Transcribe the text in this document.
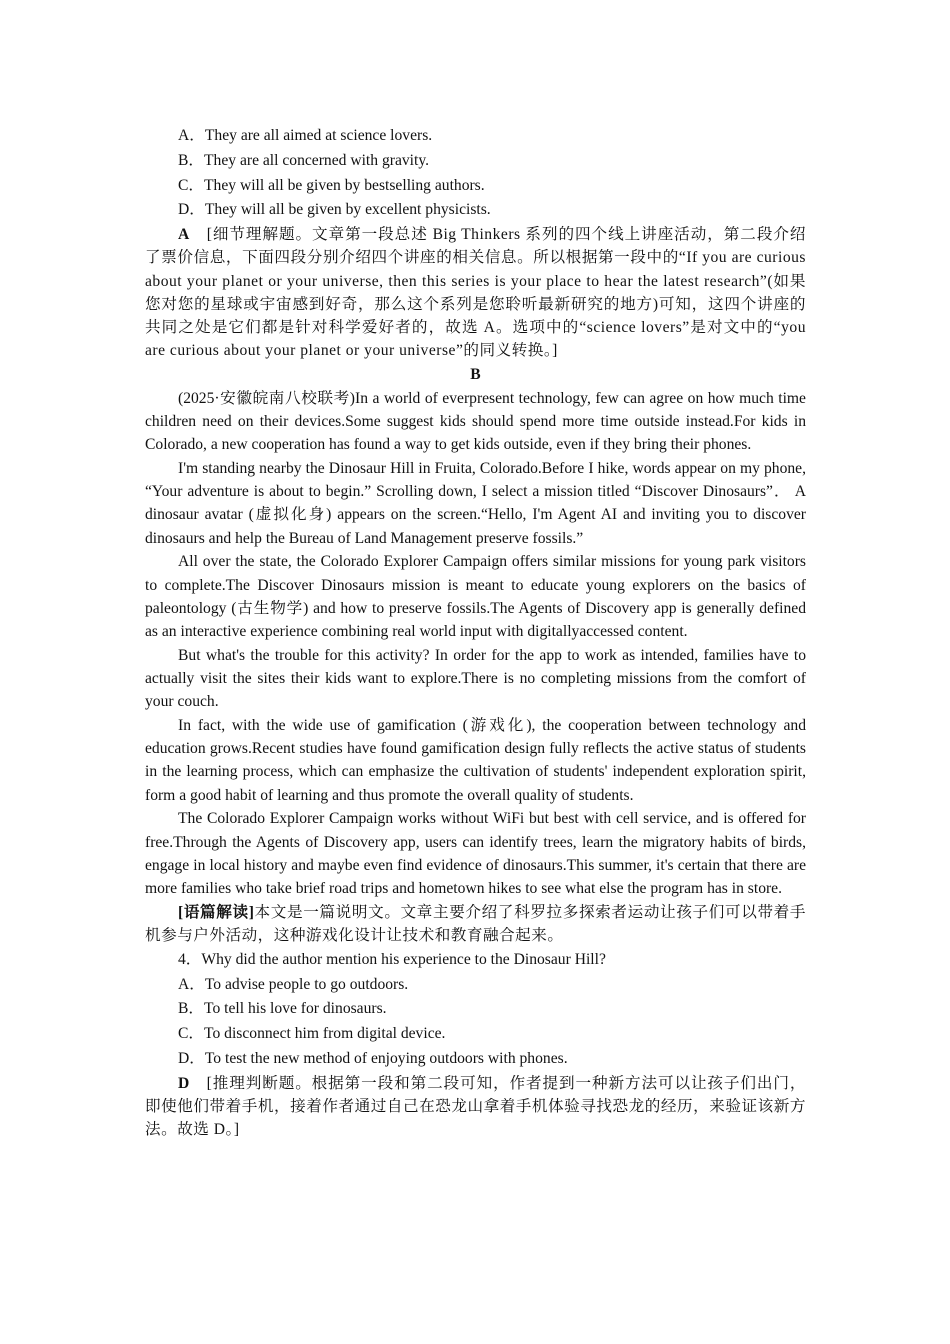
A．They are all aimed at science lovers.
B．They are all concerned with gravity.
C．They will all be given by bestselling authors.
D．They will all be given by excellent physicists.

A　 [细节理解题。文章第一段总述 Big Thinkers 系列的四个线上讲座活动，第二段介绍了票价信息，下面四段分别介绍四个讲座的相关信息。所以根据第一段中的“If you are curious about your planet or your universe, then this series is your place to hear the latest research”(如果您对您的星球或宇宙感到好奇，那么这个系列是您聆听最新研究的地方)可知，这四个讲座的共同之处是它们都是针对科学爱好者的，故选 A。选项中的“science lovers”是对文中的“you are curious about your planet or your universe”的同义转换。]

B

(2025·安徽皖南八校联考)In a world of everpresent technology, few can agree on how much time children need on their devices.Some suggest kids should spend more time outside instead.For kids in Colorado, a new cooperation has found a way to get kids outside, even if they bring their phones.

I'm standing nearby the Dinosaur Hill in Fruita, Colorado.Before I hike, words appear on my phone, “Your adventure is about to begin.” Scrolling down, I select a mission titled “Discover Dinosaurs”． A dinosaur avatar (虚拟化身) appears on the screen.“Hello, I'm Agent AI and inviting you to discover dinosaurs and help the Bureau of Land Management preserve fossils.”

All over the state, the Colorado Explorer Campaign offers similar missions for young park visitors to complete.The Discover Dinosaurs mission is meant to educate young explorers on the basics of paleontology (古生物学) and how to preserve fossils.The Agents of Discovery app is generally defined as an interactive experience combining real world input with digitallyaccessed content.

But what's the trouble for this activity? In order for the app to work as intended, families have to actually visit the sites their kids want to explore.There is no completing missions from the comfort of your couch.

In fact, with the wide use of gamification (游戏化), the cooperation between technology and education grows.Recent studies have found gamification design fully reflects the active status of students in the learning process, which can emphasize the cultivation of students' independent exploration spirit, form a good habit of learning and thus promote the overall quality of students.

The Colorado Explorer Campaign works without WiFi but best with cell service, and is offered for free.Through the Agents of Discovery app, users can identify trees, learn the migratory habits of birds, engage in local history and maybe even find evidence of dinosaurs.This summer, it's certain that there are more families who take brief road trips and hometown hikes to see what else the program has in store.

[语篇解读]本文是一篇说明文。文章主要介绍了科罗拉多探索者运动让孩子们可以带着手机参与户外活动，这种游戏化设计让技术和教育融合起来。

4．Why did the author mention his experience to the Dinosaur Hill?
A．To advise people to go outdoors.
B．To tell his love for dinosaurs.
C．To disconnect him from digital device.
D．To test the new method of enjoying outdoors with phones.

D　 [推理判断题。根据第一段和第二段可知，作者提到一种新方法可以让孩子们出门，即使他们带着手机，接着作者通过自己在恐龙山拿着手机体验寻找恐龙的经历，来验证该新方法。故选 D。]
